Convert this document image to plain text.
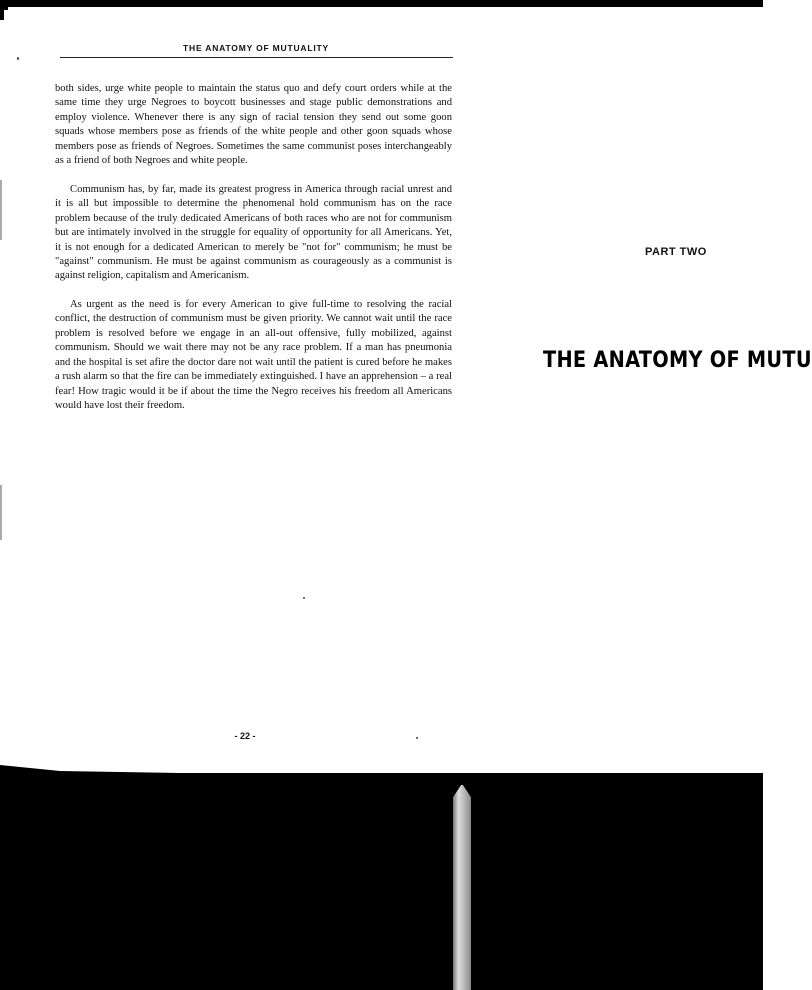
THE ANATOMY OF MUTUALITY

both sides, urge white people to maintain the status quo and defy court orders while at the same time they urge Negroes to boycott businesses and stage public demonstrations and employ violence. Whenever there is any sign of racial tension they send out some goon squads whose members pose as friends of the white people and other goon squads whose members pose as friends of Negroes. Sometimes the same communist poses interchangeably as a friend of both Negroes and white people.

Communism has, by far, made its greatest progress in America through racial unrest and it is all but impossible to determine the phenomenal hold communism has on the race problem because of the truly dedicated Americans of both races who are not for communism but are intimately involved in the struggle for equality of opportunity for all Americans. Yet, it is not enough for a dedicated American to merely be "not for" communism; he must be "against" communism. He must be against communism as courageously as a communist is against religion, capitalism and Americanism.

As urgent as the need is for every American to give full-time to resolving the racial conflict, the destruction of communism must be given priority. We cannot wait until the race problem is resolved before we engage in an all-out offensive, fully mobilized, against communism. Should we wait there may not be any race problem. If a man has pneumonia and the hospital is set afire the doctor dare not wait until the patient is cured before he makes a rush alarm so that the fire can be immediately extinguished. I have an apprehension – a real fear! How tragic would it be if about the time the Negro receives his freedom all Americans would have lost their freedom.

- 22 -
PART TWO
THE ANATOMY OF MUTU
